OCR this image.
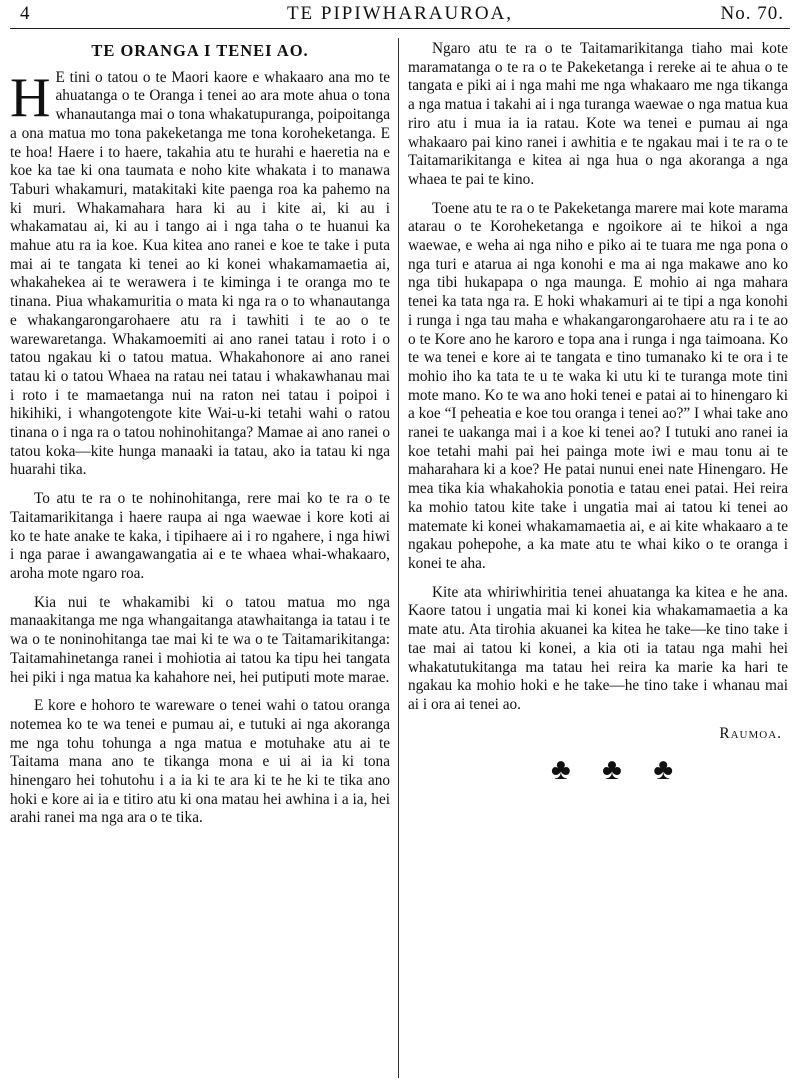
4	TE PIPIWHARAUROA,	No. 70.
TE ORANGA I TENEI AO.

H E tini o tatou o te Maori kaore e whakaaro ana mo te ahuatanga o te Oranga i tenei ao ara mote ahua o tona whanautanga mai o tona whakatupuranga, poipoitanga a ona matua mo tona pakeketanga me tona koroheketanga. E te hoa! Haere i to haere, takahia atu te hurahi e haeretia na e koe ka tae ki ona taumata e noho kite whakata i to manawa Taburi whakamuri, matakitaki kite paenga roa ka pahemo na ki muri. Whakamahara hara ki au i kite ai, ki au i whakamatau ai, ki au i tango ai i nga taha o te huanui ka mahue atu ra ia koe. Kua kitea ano ranei e koe te take i puta mai ai te tangata ki tenei ao ki konei whakamamaetia ai, whakahekea ai te werawera i te kiminga i te oranga mo te tinana. Piua whakamuritia o mata ki nga ra o to whanautanga e whakangarongarohaere atu ra i tawhiti i te ao o te warewaretanga. Whakamoemiti ai ano ranei tatau i roto i o tatou ngakau ki o tatou matua. Whakahonore ai ano ranei tatau ki o tatou Whaea na ratau nei tatau i whakawhanau mai i roto i te mamaetanga nui na raton nei tatau i poipoi i hikihiki, i whangotengote kite Wai-u-ki tetahi wahi o ratou tinana o i nga ra o tatou nohinohitanga? Mamae ai ano ranei o tatou koka—kite hunga manaaki ia tatau, ako ia tatau ki nga huarahi tika.

To atu te ra o te nohinohitanga, rere mai ko te ra o te Taitamarikitanga i haere raupa ai nga waewae i kore koti ai ko te hate anake te kaka, i tipihaere ai i ro ngahere, i nga hiwi i nga parae i awangawangatia ai e te whaea whai-whakaaro, aroha mote ngaro roa.

Kia nui te whakamibi ki o tatou matua mo nga manaakitanga me nga whangaitanga atawhaitanga ia tatau i te wa o te noninohitanga tae mai ki te wa o te Taitamarikitanga: Taitamahinetanga ranei i mohiotia ai tatou ka tipu hei tangata hei piki i nga matua ka kahahore nei, hei putiputi mote marae.

E kore e hohoro te wareware o tenei wahi o tatou oranga notemea ko te wa tenei e pumau ai, e tutuki ai nga akoranga me nga tohu tohunga a nga matua e motuhake atu ai te Taitama mana ano te tikanga mona e ui ai ia ki tona hinengaro hei tohutohu i a ia ki te ara ki te he ki te tika ano hoki e kore ai ia e titiro atu ki ona matau hei awhina i a ia, hei arahi ranei ma nga ara o te tika.

Ngaro atu te ra o te Taitamarikitanga tiaho mai kote maramatanga o te ra o te Pakeketanga i rereke ai te ahua o te tangata e piki ai i nga mahi me nga whakaaro me nga tikanga a nga matua i takahi ai i nga turanga waewae o nga matua kua riro atu i mua ia ia ratau. Kote wa tenei e pumau ai nga whakaaro pai kino ranei i awhitia e te ngakau mai i te ra o te Taitamarikitanga e kitea ai nga hua o nga akoranga a nga whaea te pai te kino.

Toene atu te ra o te Pakeketanga marere mai kote marama atarau o te Koroheketanga e ngoikore ai te hikoi a nga waewae, e weha ai nga niho e piko ai te tuara me nga pona o nga turi e atarua ai nga konohi e ma ai nga makawe ano ko nga tibi hukapapa o nga maunga. E mohio ai nga mahara tenei ka tata nga ra. E hoki whakamuri ai te tipi a nga konohi i runga i nga tau maha e whakangarongarohaere atu ra i te ao o te Kore ano he karoro e topa ana i runga i nga taimoana. Ko te wa tenei e kore ai te tangata e tino tumanako ki te ora i te mohio iho ka tata te u te waka ki utu ki te turanga mote tini mote mano. Ko te wa ano hoki tenei e patai ai to hinengaro ki a koe “I peheatia e koe tou oranga i tenei ao?” I whai take ano ranei te uakanga mai i a koe ki tenei ao? I tutuki ano ranei ia koe tetahi mahi pai hei painga mote iwi e mau tonu ai te maharahara ki a koe? He patai nunui enei nate Hinengaro. He mea tika kia whakahokia ponotia e tatau enei patai. Hei reira ka mohio tatou kite take i ungatia mai ai tatou ki tenei ao matemate ki konei whakamamaetia ai, e ai kite whakaaro a te ngakau pohepohe, a ka mate atu te whai kiko o te oranga i konei te aha.

Kite ata whiriwhiritia tenei ahuatanga ka kitea e he ana. Kaore tatou i ungatia mai ki konei kia whakamamaetia a ka mate atu. Ata tirohia akuanei ka kitea he take—ke tino take i tae mai ai tatou ki konei, a kia oti ia tatau nga mahi hei whakatutukitanga ma tatau hei reira ka marie ka hari te ngakau ka mohio hoki e he take—he tino take i whanau mai ai i ora ai tenei ao.

Raumoa.
♣ ♣ ♣
